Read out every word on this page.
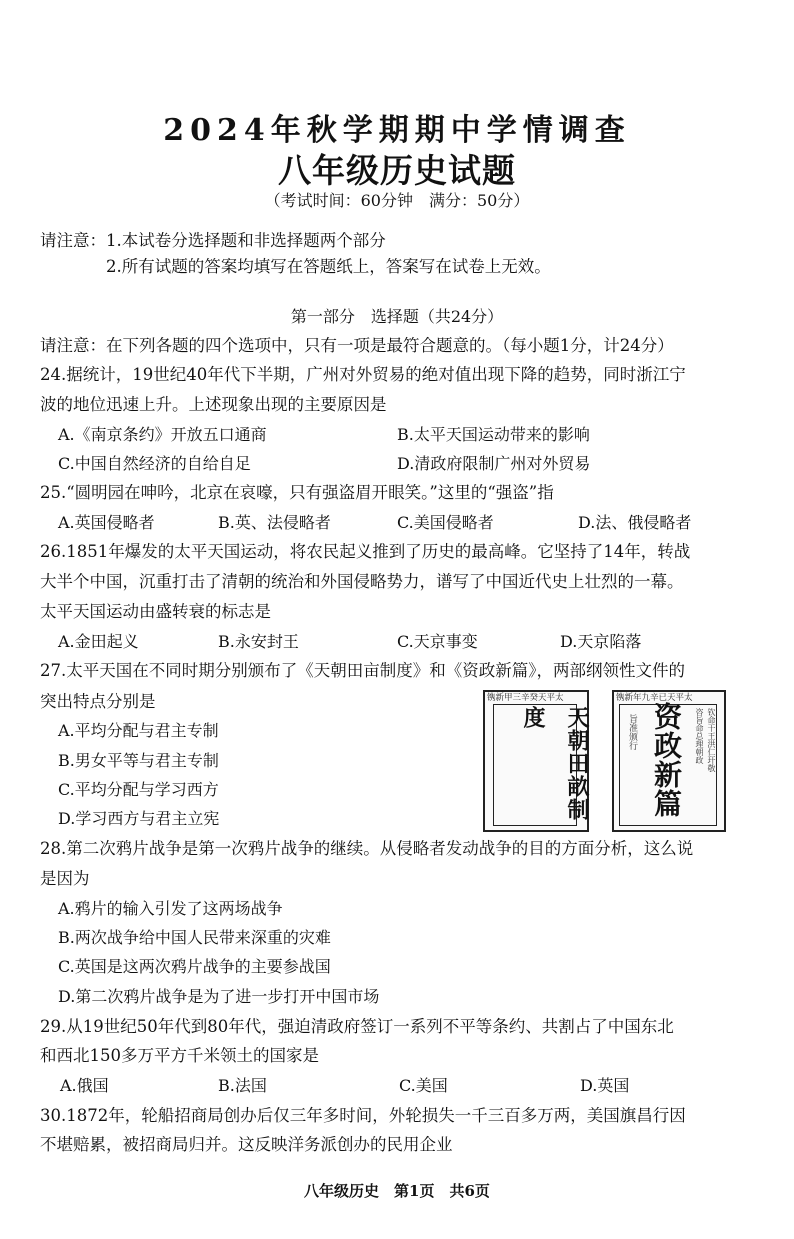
2024年秋学期期中学情调查
八年级历史试题
（考试时间：60分钟　满分：50分）
请注意： 1.本试卷分选择题和非选择题两个部分
2.所有试题的答案均填写在答题纸上，答案写在试卷上无效。
第一部分　选择题（共24分）
请注意：在下列各题的四个选项中，只有一项是最符合题意的。（每小题1分，计24分）
24.据统计，19世纪40年代下半期，广州对外贸易的绝对值出现下降的趋势，同时浙江宁
波的地位迅速上升。上述现象出现的主要原因是
A.《南京条约》开放五口通商	B.太平天国运动带来的影响
C.中国自然经济的自给自足	D.清政府限制广州对外贸易
25.“圆明园在呻吟，北京在哀嚎，只有强盗眉开眼笑。”这里的“强盗”指
A.英国侵略者	B.英、法侵略者	C.美国侵略者	D.法、俄侵略者
26.1851年爆发的太平天国运动，将农民起义推到了历史的最高峰。它坚持了14年，转战
大半个中国，沉重打击了清朝的统治和外国侵略势力，谱写了中国近代史上壮烈的一幕。
太平天国运动由盛转衰的标志是
A.金田起义	B.永安封王	C.天京事变	D.天京陷落
27.太平天国在不同时期分别颁布了《天朝田亩制度》和《资政新篇》，两部纲领性文件的
突出特点分别是
A.平均分配与君主专制
B.男女平等与君主专制
C.平均分配与学习西方
D.学习西方与君主立宪
镌新甲三辛癸天平太
天朝田畝制度
镌新年九辛已天平太
旨准颁行 资政新篇	咨旨命总理朝政 钦命干王洪仁玕敬
28.第二次鸦片战争是第一次鸦片战争的继续。从侵略者发动战争的目的方面分析，这么说
是因为
A.鸦片的输入引发了这两场战争
B.两次战争给中国人民带来深重的灾难
C.英国是这两次鸦片战争的主要参战国
D.第二次鸦片战争是为了进一步打开中国市场
29.从19世纪50年代到80年代，强迫清政府签订一系列不平等条约、共割占了中国东北
和西北150多万平方千米领土的国家是
A.俄国	B.法国	C.美国	D.英国
30.1872年，轮船招商局创办后仅三年多时间，外轮损失一千三百多万两，美国旗昌行因
不堪赔累，被招商局归并。这反映洋务派创办的民用企业
八年级历史　第1页　共6页
